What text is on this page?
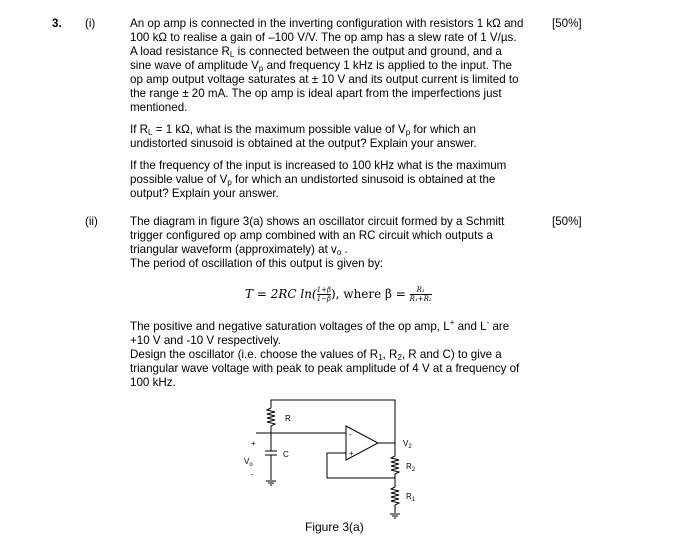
3. (i)	[50%]
An op amp is connected in the inverting configuration with resistors 1 kΩ and
100 kΩ to realise a gain of –100 V/V. The op amp has a slew rate of 1 V/µs.
A load resistance $R_L$ is connected between the output and ground, and a
sine wave of amplitude $V_p$ and frequency 1 kHz is applied to the input. The
op amp output voltage saturates at ± 10 V and its output current is limited to
the range ± 20 mA. The op amp is ideal apart from the imperfections just
mentioned.
If $R_L = 1$ kΩ, what is the maximum possible value of $V_p$ for which an
undistorted sinusoid is obtained at the output? Explain your answer.
If the frequency of the input is increased to 100 kHz what is the maximum
possible value of $V_p$ for which an undistorted sinusoid is obtained at the
output? Explain your answer.
(ii)	[50%]
The diagram in figure 3(a) shows an oscillator circuit formed by a Schmitt
trigger configured op amp combined with an RC circuit which outputs a
triangular waveform (approximately) at $v_o$ .
The period of oscillation of this output is given by:
The positive and negative saturation voltages of the op amp, L+ and L- are
+10 V and -10 V respectively.
Design the oscillator (i.e. choose the values of $R_1$, $R_2$, R and C) to give a
triangular wave voltage with peak to peak amplitude of 4 V at a frequency of
100 kHz.
T = 2RC $\ln( \frac{1+\beta}{1-\beta}$ ), where $\beta = \frac{\text{R₁}}{\text{R₁+R₂}}$
R
C
+
$V_o$
-
-
+
$V_2$
$R_2$
$R_1$
Figure 3(a)
